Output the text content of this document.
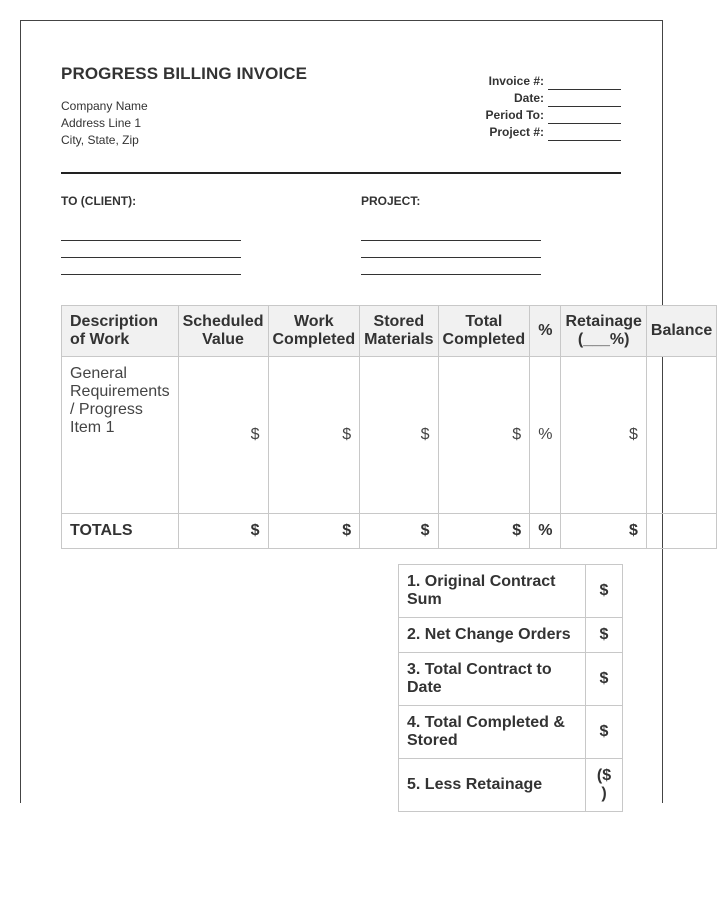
PROGRESS BILLING INVOICE
Company Name
Address Line 1
City, State, Zip
Invoice #:
Date:
Period To:
Project #:
TO (CLIENT):	PROJECT:
Description of Work	Scheduled Value	Work Completed	Stored Materials	Total Completed	%	Retainage (___%)	Balance
General Requirements / Progress Item 1	$	$	$	$	%	$	
TOTALS	$	$	$	$	%	$	
1. Original Contract Sum	$
2. Net Change Orders	$
3. Total Contract to Date	$
4. Total Completed & Stored	$
5. Less Retainage	($ )
